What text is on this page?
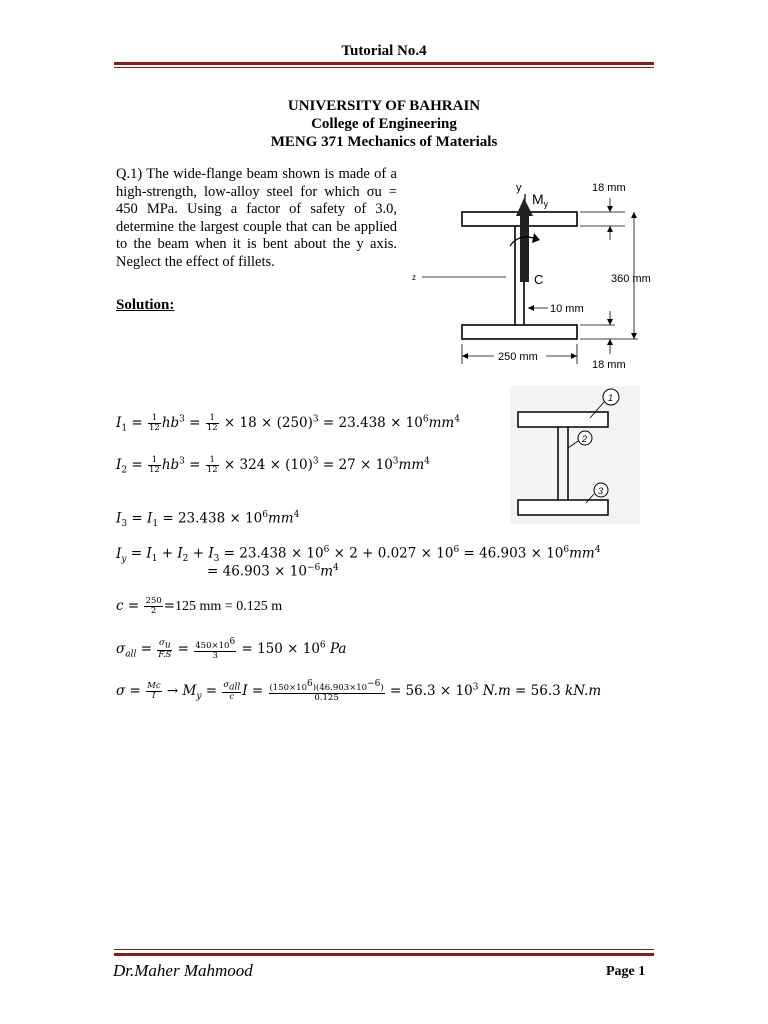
Tutorial No.4
UNIVERSITY OF BAHRAIN
College of Engineering
MENG 371 Mechanics of Materials
Q.1) The wide-flange beam shown is made of a high-strength, low-alloy steel for which σu = 450 MPa. Using a factor of safety of 3.0, determine the largest couple that can be applied to the beam when it is bent about the y axis. Neglect the effect of fillets.
z
y
$M_y$
C
18 mm
360 mm
18 mm
10 mm
250 mm
Solution:
1
2
3
$I_1 = \frac{1}{12} hb^3 = \frac{1}{12} \times 18 \times (250)^3 = 23.438 \times 10^6mm^4$
$I_2 = \frac{1}{12} hb^3 = \frac{1}{12} \times 324 \times (10)^3 = 27 \times 10^3mm^4$
$I_3 = I_1 = 23.438 \times 10^6mm^4$
$I_y = I_1 + I_2 + I_3 = 23.438 \times 10^6 \times 2 + 0.027 \times 10^6 = 46.903 \times 10^6mm^4$
= $46.903 \times 10^{-6}m^4$
$c = \frac{250}{2} =125$ mm = 0.125 m
$\sigma_{all} = \frac{\sigma_u}{F.S} = \frac{450\times 10^6}{3} = 150 \times 10^6$ Pa
$\sigma = \frac{Mc}{I} \to M_y = \frac{\sigma_{all}}{c}$ $I = \frac{(150\times 10^6)(46.903\times 10^{-6})}{0.125} = 56.3 \times 10^3$ N.m = 56.3 kN.m
Dr.Maher Mahmood	Page 1
